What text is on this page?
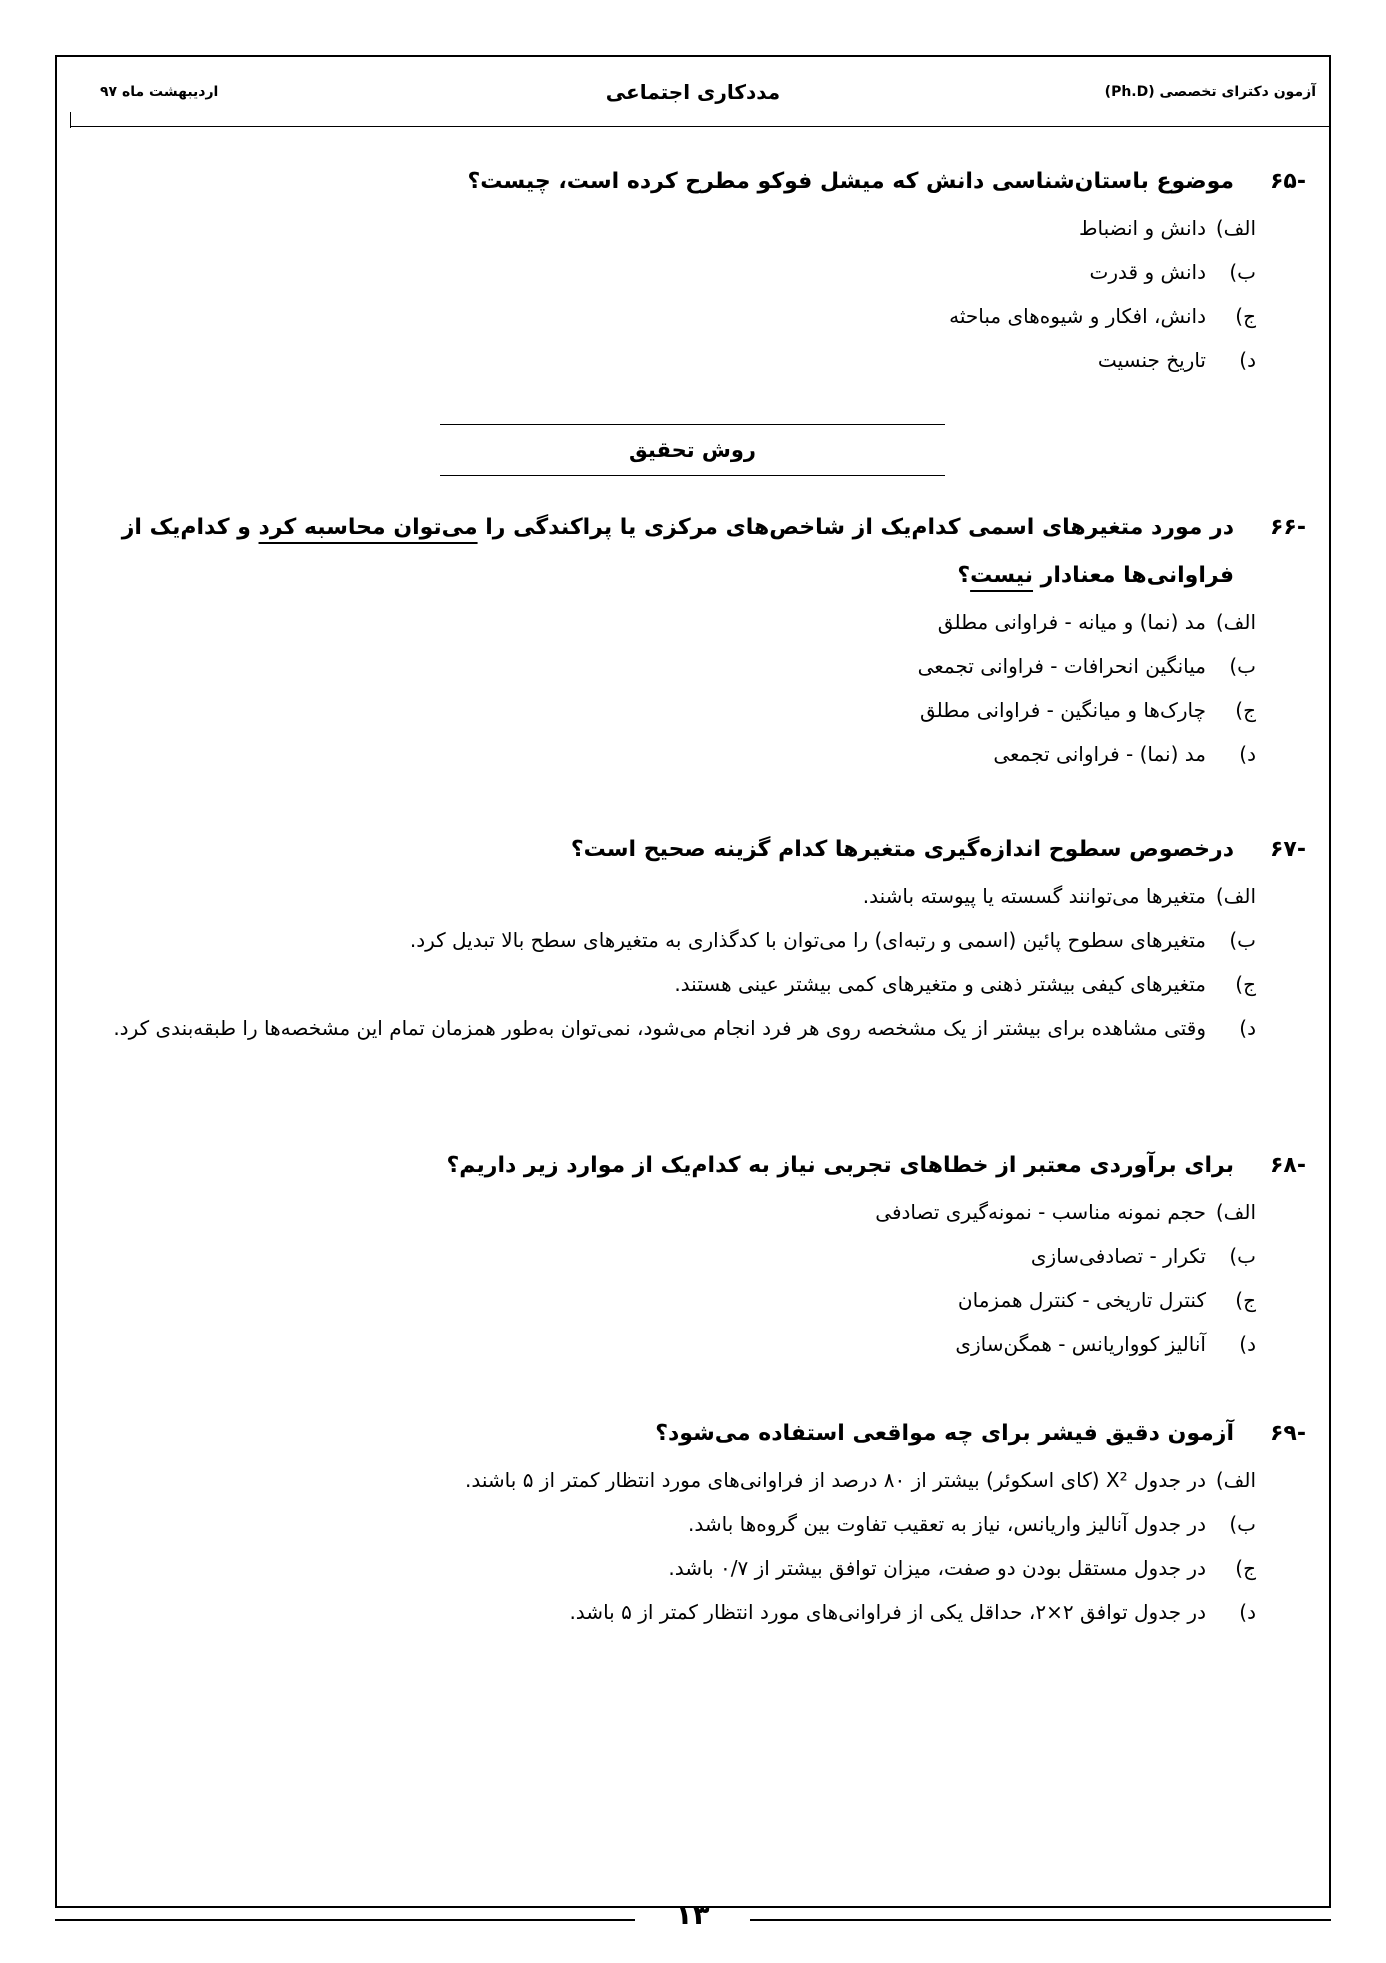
آزمون دکترای تخصصی (Ph.D)
مددکاری اجتماعی
اردیبهشت ماه ۹۷
-۶۵
موضوع باستان‌شناسی دانش که میشل فوکو مطرح کرده است، چیست؟
الف)
دانش و انضباط
ب)
دانش و قدرت
ج)
دانش، افکار و شیوه‌های مباحثه
د)
تاریخ جنسیت
روش تحقیق
-۶۶
در مورد متغیرهای اسمی کدام‌یک از شاخص‌های مرکزی یا پراکندگی را می‌توان محاسبه کرد و کدام‌یک از فراوانی‌ها معنادار نیست؟
الف)
مد (نما) و میانه - فراوانی مطلق
ب)
میانگین انحرافات - فراوانی تجمعی
ج)
چارک‌ها و میانگین - فراوانی مطلق
د)
مد (نما) - فراوانی تجمعی
-۶۷
درخصوص سطوح اندازه‌گیری متغیرها کدام گزینه صحیح است؟
الف)
متغیرها می‌توانند گسسته یا پیوسته باشند.
ب)
متغیرهای سطوح پائین (اسمی و رتبه‌ای) را می‌توان با کدگذاری به متغیرهای سطح بالا تبدیل کرد.
ج)
متغیرهای کیفی بیشتر ذهنی و متغیرهای کمی بیشتر عینی هستند.
د)
وقتی مشاهده برای بیشتر از یک مشخصه روی هر فرد انجام می‌شود، نمی‌توان به‌طور همزمان تمام این مشخصه‌ها را طبقه‌بندی کرد.
-۶۸
برای برآوردی معتبر از خطاهای تجربی نیاز به کدام‌یک از موارد زیر داریم؟
الف)
حجم نمونه مناسب - نمونه‌گیری تصادفی
ب)
تکرار - تصادفی‌سازی
ج)
کنترل تاریخی - کنترل همزمان
د)
آنالیز کوواریانس - همگن‌سازی
-۶۹
آزمون دقیق فیشر برای چه مواقعی استفاده می‌شود؟
الف)
در جدول X² (کای اسکوئر) بیشتر از ۸۰ درصد از فراوانی‌های مورد انتظار کمتر از ۵ باشند.
ب)
در جدول آنالیز واریانس، نیاز به تعقیب تفاوت بین گروه‌ها باشد.
ج)
در جدول مستقل بودن دو صفت، میزان توافق بیشتر از ۰/۷ باشد.
د)
در جدول توافق ۲×۲، حداقل یکی از فراوانی‌های مورد انتظار کمتر از ۵ باشد.
۱۳
